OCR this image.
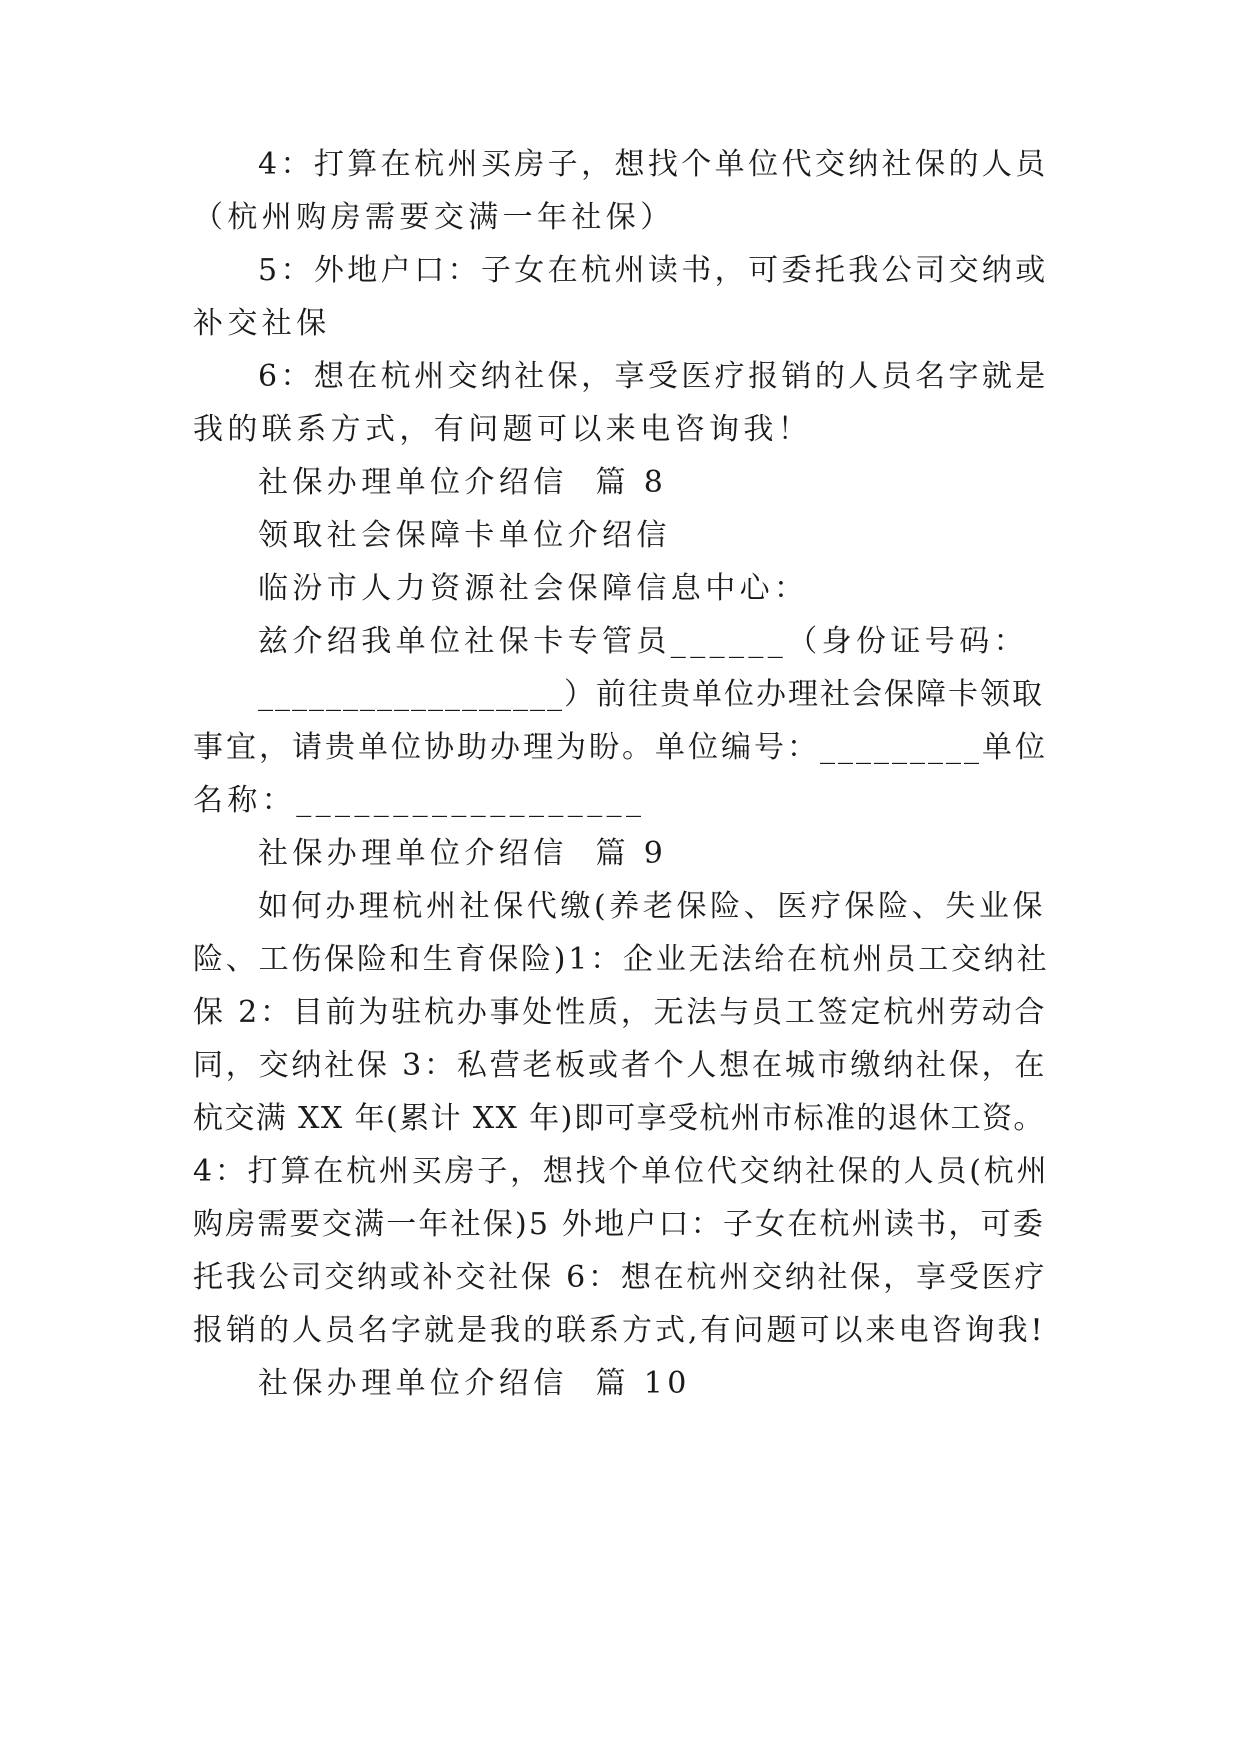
4：打算在杭州买房子，想找个单位代交纳社保的人员
（杭州购房需要交满一年社保）
5：外地户口：子女在杭州读书，可委托我公司交纳或
补交社保
6：想在杭州交纳社保，享受医疗报销的人员名字就是
我的联系方式，有问题可以来电咨询我！
社保办理单位介绍信  篇 8
领取社会保障卡单位介绍信
临汾市人力资源社会保障信息中心：
兹介绍我单位社保卡专管员______（身份证号码：
__________________）前往贵单位办理社会保障卡领取
事宜，请贵单位协助办理为盼。单位编号：_________单位
名称：__________________
社保办理单位介绍信  篇 9
如何办理杭州社保代缴(养老保险、医疗保险、失业保
险、工伤保险和生育保险)1：企业无法给在杭州员工交纳社
保 2：目前为驻杭办事处性质，无法与员工签定杭州劳动合
同，交纳社保 3：私营老板或者个人想在城市缴纳社保，在
杭交满 XX 年(累计 XX 年)即可享受杭州市标准的退休工资。
4：打算在杭州买房子，想找个单位代交纳社保的人员(杭州
购房需要交满一年社保)5 外地户口：子女在杭州读书，可委
托我公司交纳或补交社保 6：想在杭州交纳社保，享受医疗
报销的人员名字就是我的联系方式,有问题可以来电咨询我!
社保办理单位介绍信  篇 10
